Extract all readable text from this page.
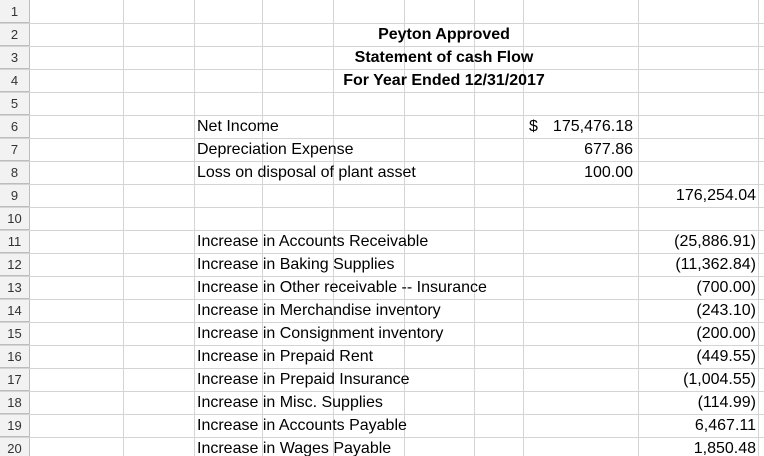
1
2	Peyton Approved
3	Statement of cash Flow
4	For Year Ended 12/31/2017
5
6	Net Income	$ 175,476.18
7	Depreciation Expense	677.86
8	Loss on disposal of plant asset	100.00
9	176,254.04
10
11	Increase in Accounts Receivable	(25,886.91)
12	Increase in Baking Supplies	(11,362.84)
13	Increase in Other receivable -- Insurance	(700.00)
14	Increase in Merchandise inventory	(243.10)
15	Increase in Consignment inventory	(200.00)
16	Increase in Prepaid Rent	(449.55)
17	Increase in Prepaid Insurance	(1,004.55)
18	Increase in Misc. Supplies	(114.99)
19	Increase in Accounts Payable	6,467.11
20	Increase in Wages Payable	1,850.48
